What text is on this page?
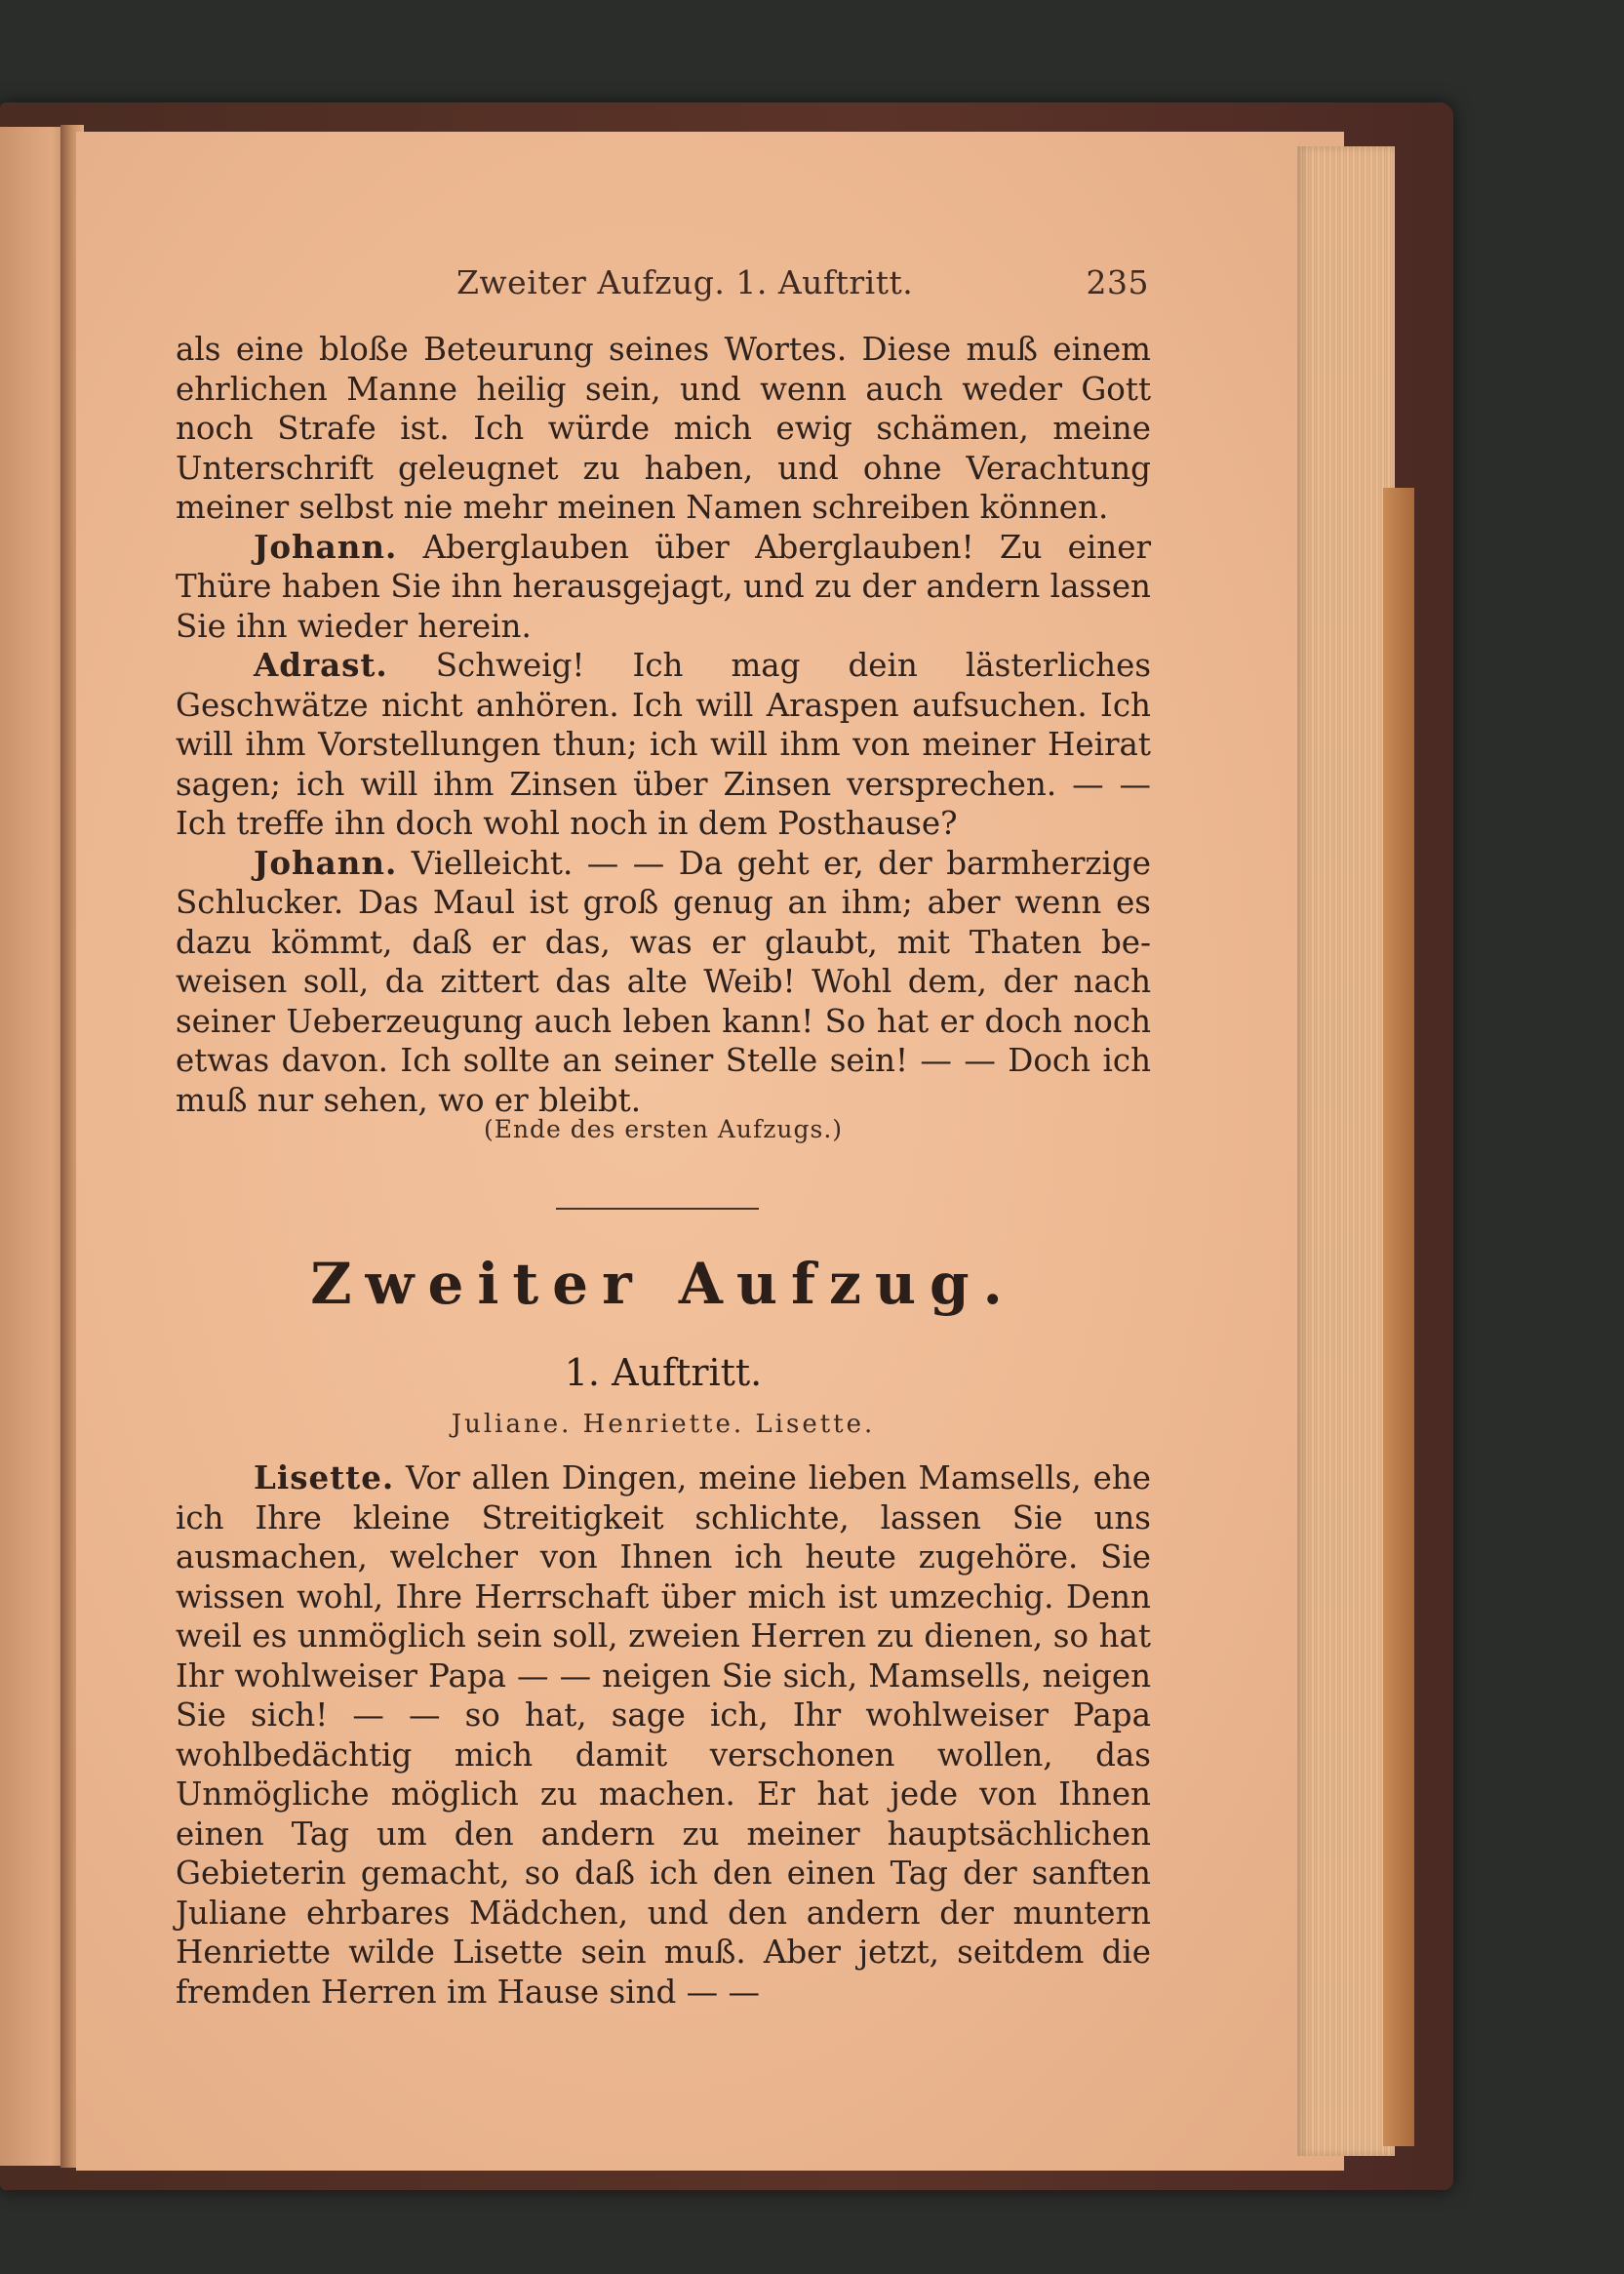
Zweiter Aufzug. 1. Auftritt.	235

als eine bloße Beteurung seines Wortes. Diese muß einem ehrlichen Manne heilig sein, und wenn auch weder Gott noch Strafe ist. Ich würde mich ewig schämen, meine Unterschrift geleugnet zu haben, und ohne Verachtung meiner selbst nie mehr meinen Namen schreiben können.

Johann. Aberglauben über Aberglauben! Zu einer Thüre haben Sie ihn herausgejagt, und zu der andern lassen Sie ihn wieder herein.

Adrast. Schweig! Ich mag dein lästerliches Geschwätze nicht anhören. Ich will Araspen aufsuchen. Ich will ihm Vorstellungen thun; ich will ihm von meiner Heirat sagen; ich will ihm Zinsen über Zinsen versprechen. — — Ich treffe ihn doch wohl noch in dem Posthause?

Johann. Vielleicht. — — Da geht er, der barmherzige Schlucker. Das Maul ist groß genug an ihm; aber wenn es dazu kömmt, daß er das, was er glaubt, mit Thaten be- weisen soll, da zittert das alte Weib! Wohl dem, der nach seiner Ueberzeugung auch leben kann! So hat er doch noch etwas davon. Ich sollte an seiner Stelle sein! — — Doch ich muß nur sehen, wo er bleibt.

(Ende des ersten Aufzugs.)
Zweiter Aufzug.
1. Auftritt.
Juliane. Henriette. Lisette.

Lisette. Vor allen Dingen, meine lieben Mamsells, ehe ich Ihre kleine Streitigkeit schlichte, lassen Sie uns ausmachen, welcher von Ihnen ich heute zugehöre. Sie wissen wohl, Ihre Herrschaft über mich ist umzechig. Denn weil es unmöglich sein soll, zweien Herren zu dienen, so hat Ihr wohlweiser Papa — — neigen Sie sich, Mamsells, neigen Sie sich! — — so hat, sage ich, Ihr wohlweiser Papa wohlbedächtig mich damit verschonen wollen, das Unmögliche möglich zu machen. Er hat jede von Ihnen einen Tag um den andern zu meiner hauptsächlichen Gebieterin gemacht, so daß ich den einen Tag der sanften Juliane ehrbares Mädchen, und den andern der muntern Henriette wilde Lisette sein muß. Aber jetzt, seitdem die fremden Herren im Hause sind — —
